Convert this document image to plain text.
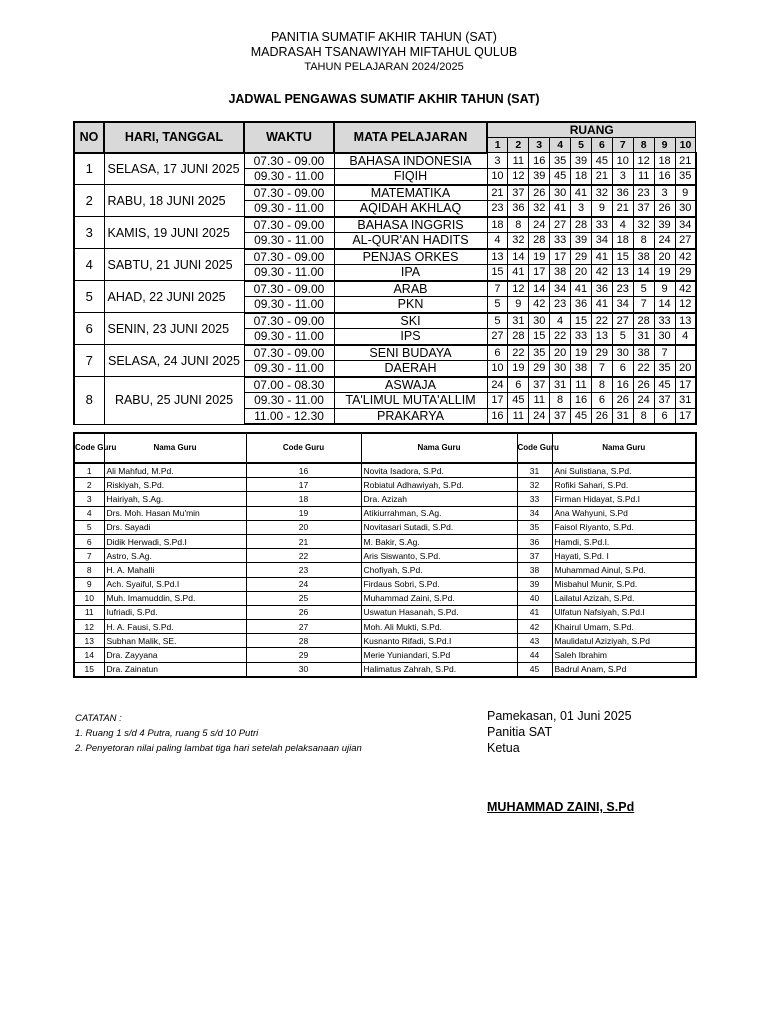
PANITIA SUMATIF AKHIR TAHUN (SAT)
MADRASAH TSANAWIYAH MIFTAHUL QULUB
TAHUN PELAJARAN 2024/2025
JADWAL PENGAWAS SUMATIF AKHIR TAHUN (SAT)
NO	HARI, TANGGAL	WAKTU	MATA PELAJARAN	RUANG									
				1	2	3	4	5	6	7	8	9	10
1	SELASA, 17 JUNI 2025	07.30 - 09.00	BAHASA INDONESIA	3	11	16	35	39	45	10	12	18	21
		09.30 - 11.00	FIQIH	10	12	39	45	18	21	3	11	16	35
2	RABU, 18 JUNI 2025	07.30 - 09.00	MATEMATIKA	21	37	26	30	41	32	36	23	3	9
		09.30 - 11.00	AQIDAH AKHLAQ	23	36	32	41	3	9	21	37	26	30
3	KAMIS, 19 JUNI 2025	07.30 - 09.00	BAHASA INGGRIS	18	8	24	27	28	33	4	32	39	34
		09.30 - 11.00	AL-QUR'AN HADITS	4	32	28	33	39	34	18	8	24	27
4	SABTU, 21 JUNI 2025	07.30 - 09.00	PENJAS ORKES	13	14	19	17	29	41	15	38	20	42
		09.30 - 11.00	IPA	15	41	17	38	20	42	13	14	19	29
5	AHAD, 22 JUNI 2025	07.30 - 09.00	ARAB	7	12	14	34	41	36	23	5	9	42
		09.30 - 11.00	PKN	5	9	42	23	36	41	34	7	14	12
6	SENIN, 23 JUNI 2025	07.30 - 09.00	SKI	5	31	30	4	15	22	27	28	33	13
		09.30 - 11.00	IPS	27	28	15	22	33	13	5	31	30	4
7	SELASA, 24 JUNI 2025	07.30 - 09.00	SENI BUDAYA	6	22	35	20	19	29	30	38	7	
		09.30 - 11.00	DAERAH	10	19	29	30	38	7	6	22	35	20
8	RABU, 25 JUNI 2025	07.00 - 08.30	ASWAJA	24	6	37	31	11	8	16	26	45	17
		09.30 - 11.00	TA'LIMUL MUTA'ALLIM	17	45	11	8	16	6	26	24	37	31
		11.00 - 12.30	PRAKARYA	16	11	24	37	45	26	31	8	6	17
Code Guru	Nama Guru	Code Guru	Nama Guru	Code Guru	Nama Guru
1	Ali Mahfud, M.Pd.	16	Novita Isadora, S.Pd.	31	Ani Sulistiana, S.Pd.
2	Riskiyah, S.Pd.	17	Robiatul Adhawiyah, S.Pd.	32	Rofiki Sahari, S.Pd.
3	Hairiyah, S.Ag.	18	Dra. Azizah	33	Firman Hidayat, S.Pd.I
4	Drs. Moh. Hasan Mu'min	19	Atikiurrahman, S.Ag.	34	Ana Wahyuni, S.Pd
5	Drs. Sayadi	20	Novitasari Sutadi, S.Pd.	35	Faisol Riyanto, S.Pd.
6	Didik Herwadi, S.Pd.I	21	M. Bakir, S.Ag.	36	Hamdi, S.Pd.I.
7	Astro, S.Ag.	22	Aris Siswanto, S.Pd.	37	Hayati, S.Pd. I
8	H. A. Mahalli	23	Chofiyah, S.Pd.	38	Muhammad Ainul, S.Pd.
9	Ach. Syaiful, S.Pd.I	24	Firdaus Sobri, S.Pd.	39	Misbahul Munir, S.Pd.
10	Muh. Imamuddin, S.Pd.	25	Muhammad Zaini, S.Pd.	40	Lailatul Azizah, S.Pd.
11	Iufriadi, S.Pd.	26	Uswatun Hasanah, S.Pd.	41	Ulfatun Nafsiyah, S.Pd.I
12	H. A. Fausi, S.Pd.	27	Moh. Ali Mukti, S.Pd.	42	Khairul Umam, S.Pd.
13	Subhan Malik, SE.	28	Kusnanto Rifadi, S.Pd.I	43	Maulidatul Aziziyah, S.Pd
14	Dra. Zayyana	29	Merie Yuniandari, S.Pd	44	Saleh Ibrahim
15	Dra. Zainatun	30	Halimatus Zahrah, S.Pd.	45	Badrul Anam, S.Pd
CATATAN :
1. Ruang 1 s/d 4 Putra, ruang 5 s/d 10 Putri
2. Penyetoran nilai paling lambat tiga hari setelah pelaksanaan ujian
Pamekasan, 01 Juni 2025
Panitia SAT
Ketua
MUHAMMAD ZAINI, S.Pd
